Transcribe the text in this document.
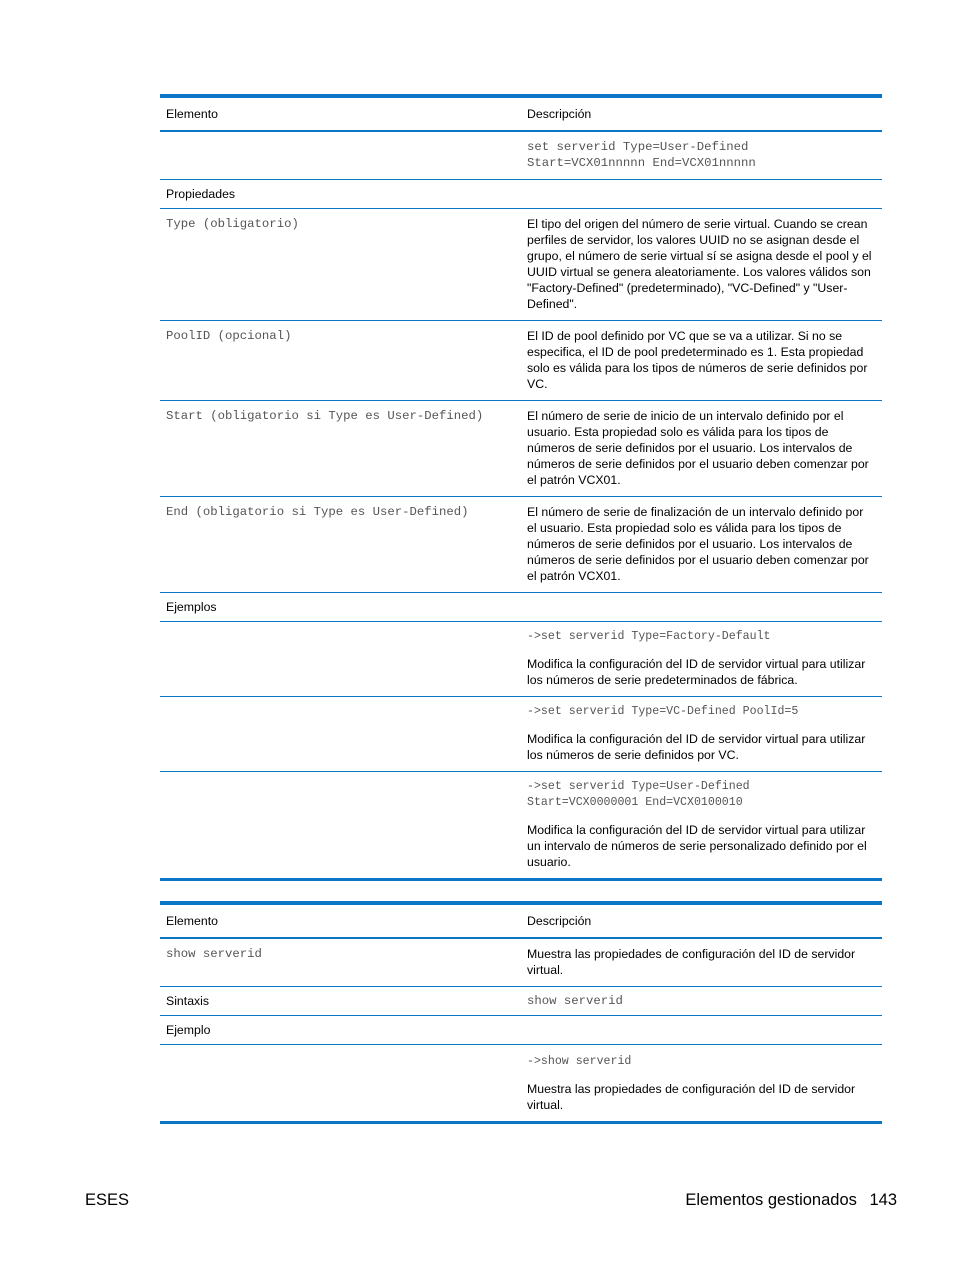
Elemento	Descripción

	set serverid Type=User-Defined
Start=VCX01nnnnn End=VCX01nnnnn

Propiedades	
Type (obligatorio)	El tipo del origen del número de serie virtual. Cuando se crean perfiles de servidor, los valores UUID no se asignan desde el grupo, el número de serie virtual sí se asigna desde el pool y el UUID virtual se genera aleatoriamente. Los valores válidos son "Factory-Defined" (predeterminado), "VC-Defined" y "User-Defined".
PoolID (opcional)	El ID de pool definido por VC que se va a utilizar. Si no se especifica, el ID de pool predeterminado es 1. Esta propiedad solo es válida para los tipos de números de serie definidos por VC.
Start (obligatorio si Type es User-Defined)	El número de serie de inicio de un intervalo definido por el usuario. Esta propiedad solo es válida para los tipos de números de serie definidos por el usuario. Los intervalos de números de serie definidos por el usuario deben comenzar por el patrón VCX01.
End (obligatorio si Type es User-Defined)	El número de serie de finalización de un intervalo definido por el usuario. Esta propiedad solo es válida para los tipos de números de serie definidos por el usuario. Los intervalos de números de serie definidos por el usuario deben comenzar por el patrón VCX01.
Ejemplos	

	->set serverid Type=Factory-Default
Modifica la configuración del ID de servidor virtual para utilizar los números de serie predeterminados de fábrica.

	->set serverid Type=VC-Defined PoolId=5
Modifica la configuración del ID de servidor virtual para utilizar los números de serie definidos por VC.

	->set serverid Type=User-Defined
Start=VCX0000001 End=VCX0100010
Modifica la configuración del ID de servidor virtual para utilizar un intervalo de números de serie personalizado definido por el usuario.
Elemento	Descripción
show serverid	Muestra las propiedades de configuración del ID de servidor virtual.
Sintaxis	show serverid
Ejemplo	

	->show serverid
Muestra las propiedades de configuración del ID de servidor virtual.
ESES	Elementos gestionados 143
